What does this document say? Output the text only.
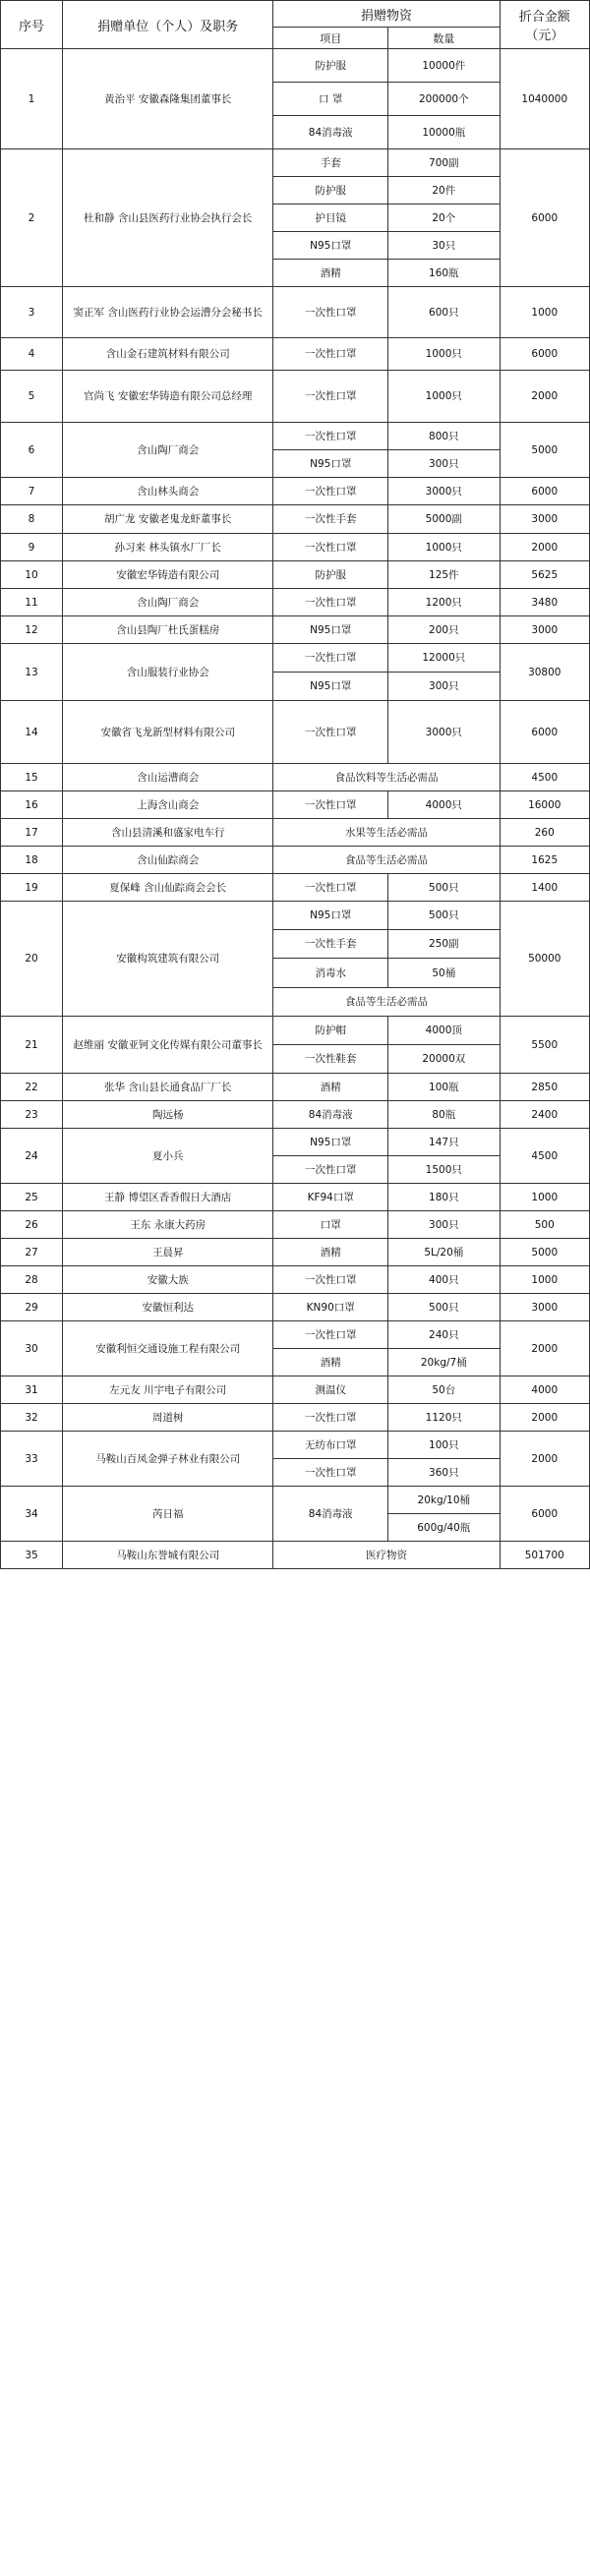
序号	捐赠单位（个人）及职务	捐赠物资		折合金额（元）
		项目	数量	
1	黄治平 安徽森隆集团董事长	防护服	10000件	1040000
		口 罩	200000个	
		84消毒液	10000瓶	
2	杜和静 含山县医药行业协会执行会长	手套	700副	6000
		防护服	20件	
		护目镜	20个	
		N95口罩	30只	
		酒精	160瓶	
3	窦正军 含山医药行业协会运漕分会秘书长	一次性口罩	600只	1000
4	含山金石建筑材料有限公司	一次性口罩	1000只	6000
5	官尚飞 安徽宏华铸造有限公司总经理	一次性口罩	1000只	2000
6	含山陶厂商会	一次性口罩	800只	5000
		N95口罩	300只	
7	含山林头商会	一次性口罩	3000只	6000
8	胡广龙 安徽老鬼龙虾董事长	一次性手套	5000副	3000
9	孙习来 林头镇水厂厂长	一次性口罩	1000只	2000
10	安徽宏华铸造有限公司	防护服	125件	5625
11	含山陶厂商会	一次性口罩	1200只	3480
12	含山县陶厂杜氏蛋糕房	N95口罩	200只	3000
13	含山服装行业协会	一次性口罩	12000只	30800
		N95口罩	300只	
14	安徽省飞龙新型材料有限公司	一次性口罩	3000只	6000
15	含山运漕商会	食品饮料等生活必需品		4500
16	上海含山商会	一次性口罩	4000只	16000
17	含山县清溪和盛家电车行	水果等生活必需品		260
18	含山仙踪商会	食品等生活必需品		1625
19	夏保峰 含山仙踪商会会长	一次性口罩	500只	1400
20	安徽构筑建筑有限公司	N95口罩	500只	50000
		一次性手套	250副	
		消毒水	50桶	
		食品等生活必需品		
21	赵维丽 安徽亚钶文化传媒有限公司董事长	防护帽	4000顶	5500
		一次性鞋套	20000双	
22	张华 含山县长通食品厂厂长	酒精	100瓶	2850
23	陶远杨	84消毒液	80瓶	2400
24	夏小兵	N95口罩	147只	4500
		一次性口罩	1500只	
25	王静 博望区香香假日大酒店	KF94口罩	180只	1000
26	王东 永康大药房	口罩	300只	500
27	王晨昇	酒精	5L/20桶	5000
28	安徽大族	一次性口罩	400只	1000
29	安徽恒利达	KN90口罩	500只	3000
30	安徽利恒交通设施工程有限公司	一次性口罩	240只	2000
		酒精	20kg/7桶	
31	左元友 川宇电子有限公司	测温仪	50台	4000
32	周道树	一次性口罩	1120只	2000
33	马鞍山百凤金弹子林业有限公司	无纺布口罩	100只	2000
		一次性口罩	360只	
34	芮日福	84消毒液	20kg/10桶	6000
			600g/40瓶	
35	马鞍山东誉城有限公司	医疗物资		501700
